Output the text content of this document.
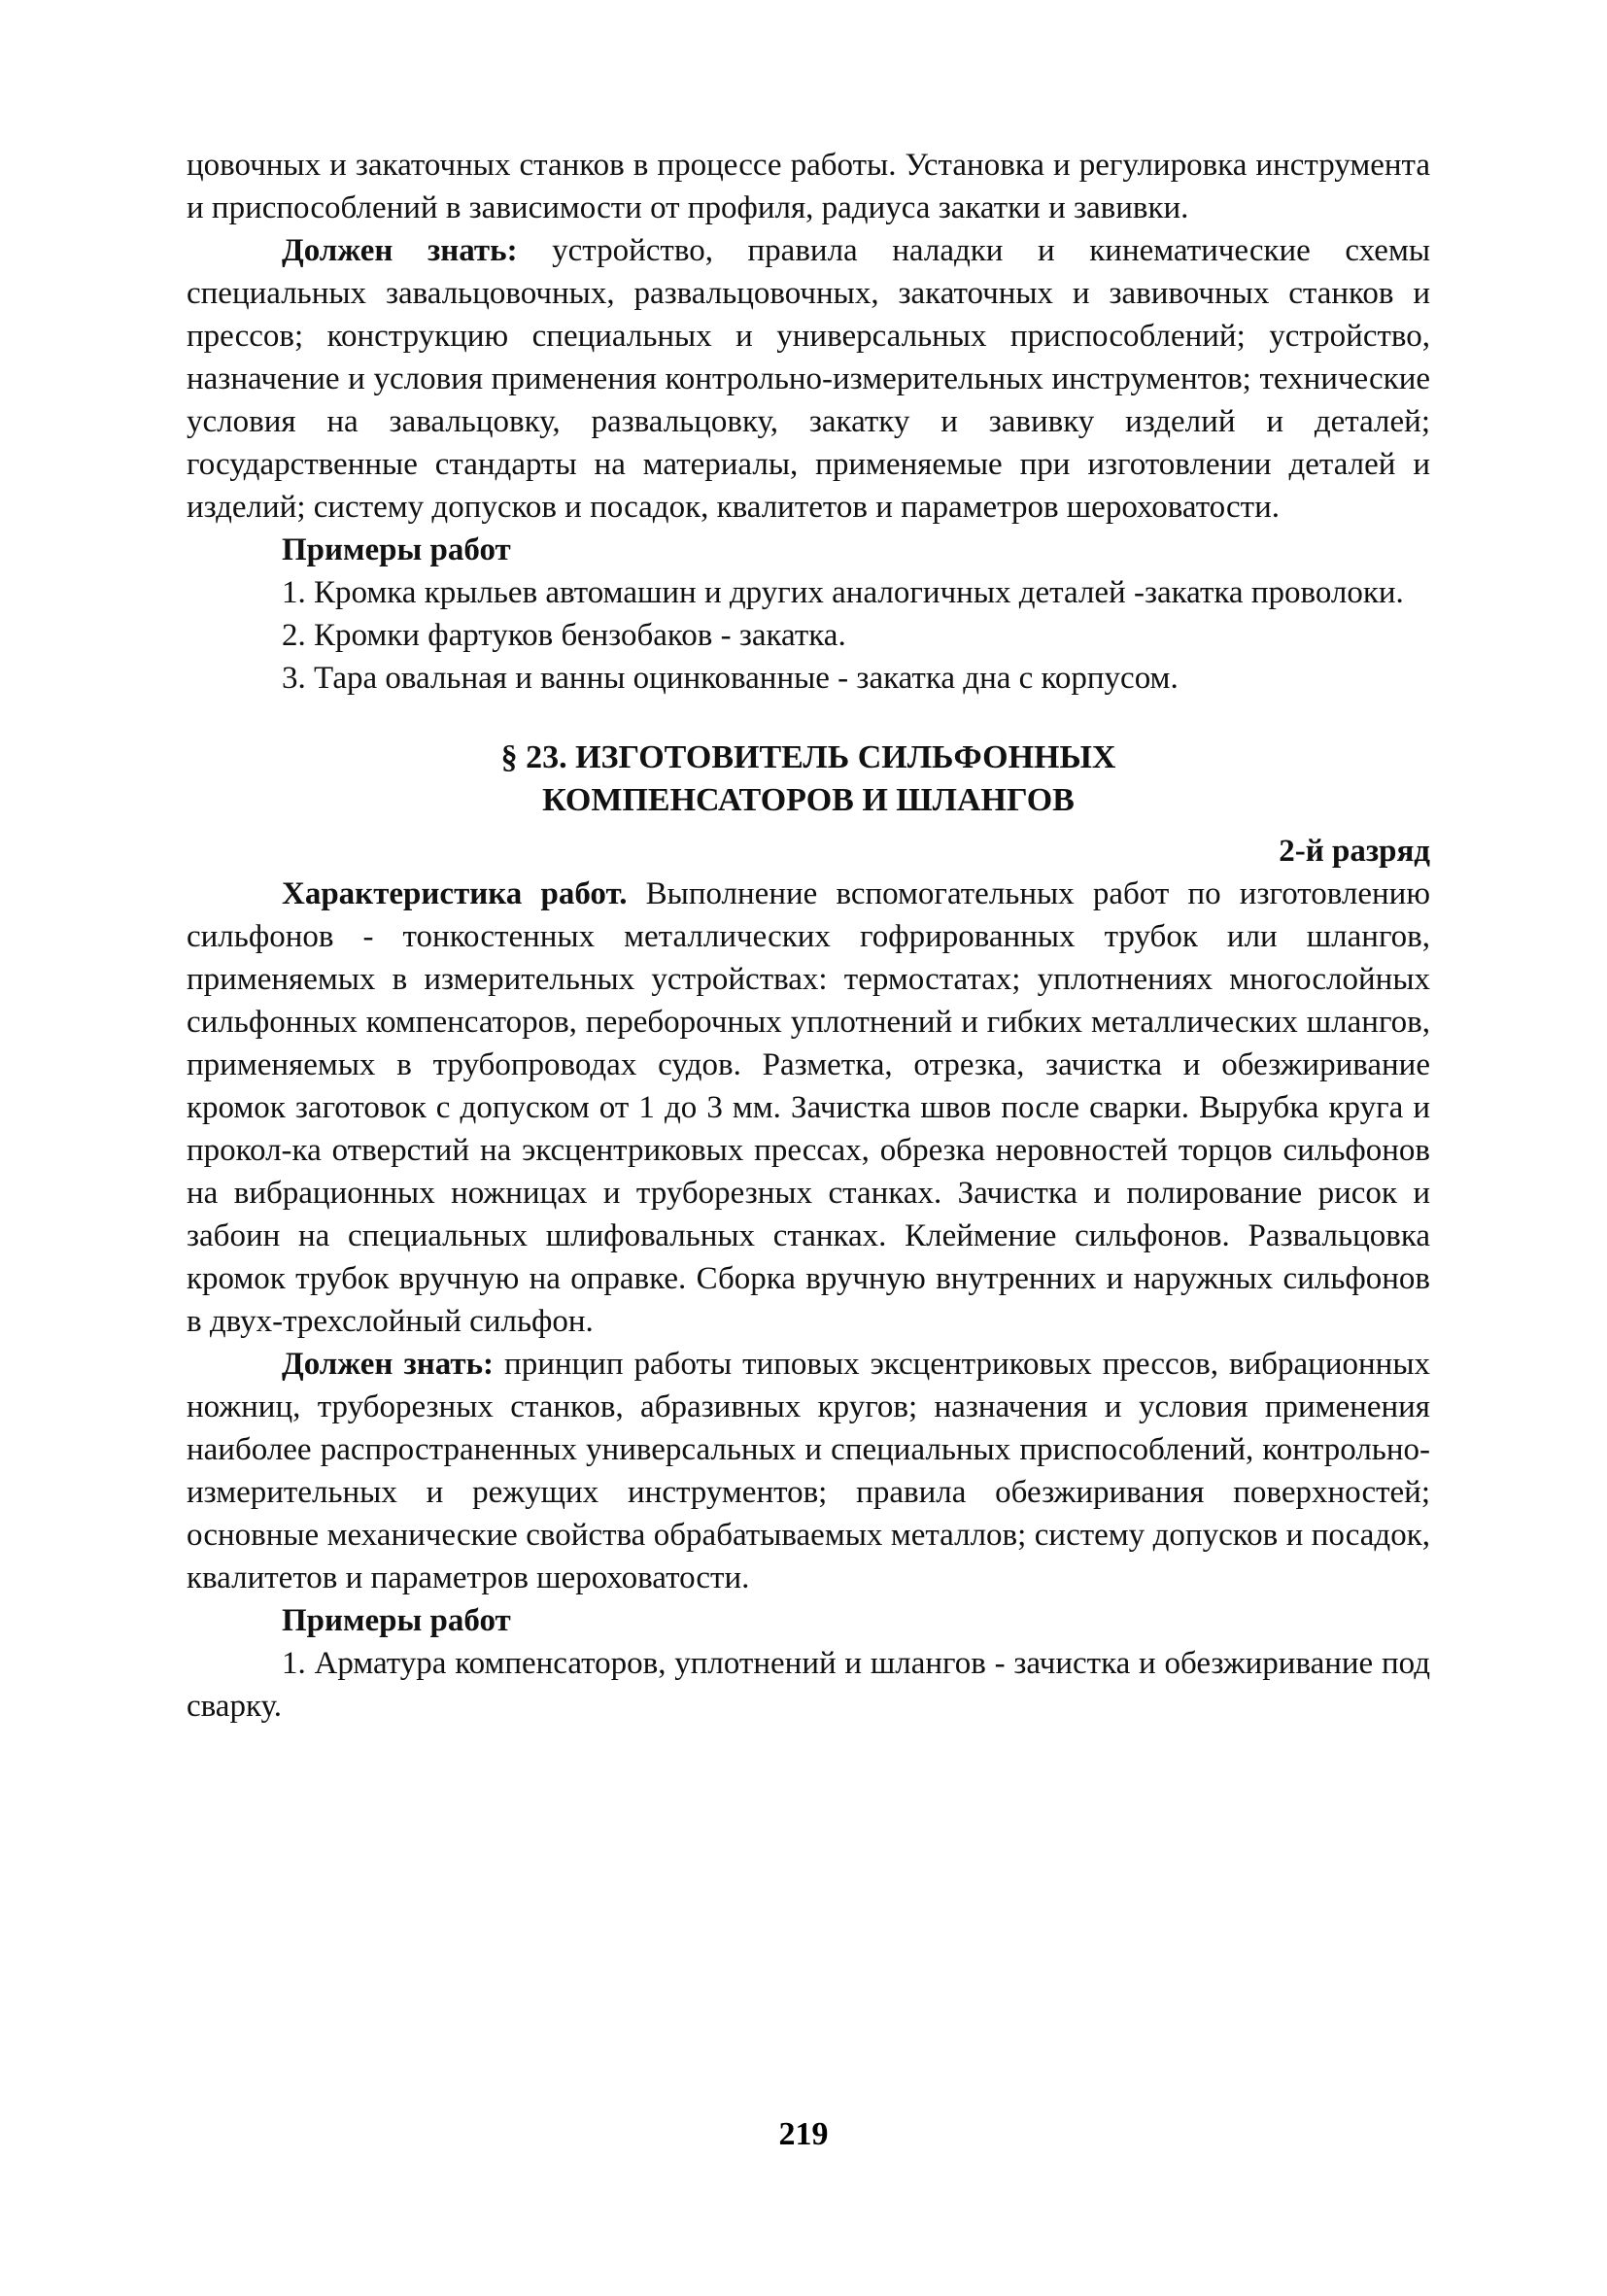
цовочных и закаточных станков в процессе работы. Установка и регулировка инструмента и приспособлений в зависимости от профиля, радиуса закатки и завивки.

Должен знать: устройство, правила наладки и кинематические схемы специальных завальцовочных, развальцовочных, закаточных и завивочных станков и прессов; конструкцию специальных и универсальных приспособлений; устройство, назначение и условия применения контрольно-измерительных инструментов; технические условия на завальцовку, развальцовку, закатку и завивку изделий и деталей; государственные стандарты на материалы, применяемые при изготовлении деталей и изделий; систему допусков и посадок, квалитетов и параметров шероховатости.

Примеры работ

1. Кромка крыльев автомашин и других аналогичных деталей -закатка проволоки.

2. Кромки фартуков бензобаков - закатка.

3. Тара овальная и ванны оцинкованные - закатка дна с корпусом.

§ 23. ИЗГОТОВИТЕЛЬ СИЛЬФОННЫХ
КОМПЕНСАТОРОВ И ШЛАНГОВ

2-й разряд

Характеристика работ. Выполнение вспомогательных работ по изготовлению сильфонов - тонкостенных металлических гофрированных трубок или шлангов, применяемых в измерительных устройствах: термостатах; уплотнениях многослойных сильфонных компенсаторов, переборочных уплотнений и гибких металлических шлангов, применяемых в трубопроводах судов. Разметка, отрезка, зачистка и обезжиривание кромок заготовок с допуском от 1 до 3 мм. Зачистка швов после сварки. Вырубка круга и прокол-ка отверстий на эксцентриковых прессах, обрезка неровностей торцов сильфонов на вибрационных ножницах и труборезных станках. Зачистка и полирование рисок и забоин на специальных шлифовальных станках. Клеймение сильфонов. Развальцовка кромок трубок вручную на оправке. Сборка вручную внутренних и наружных сильфонов в двух-трехслойный сильфон.

Должен знать: принцип работы типовых эксцентриковых прессов, вибрационных ножниц, труборезных станков, абразивных кругов; назначения и условия применения наиболее распространенных универсальных и специальных приспособлений, контрольно-измерительных и режущих инструментов; правила обезжиривания поверхностей; основные механические свойства обрабатываемых металлов; систему допусков и посадок, квалитетов и параметров шероховатости.

Примеры работ

1. Арматура компенсаторов, уплотнений и шлангов - зачистка и обезжиривание под сварку.

219
